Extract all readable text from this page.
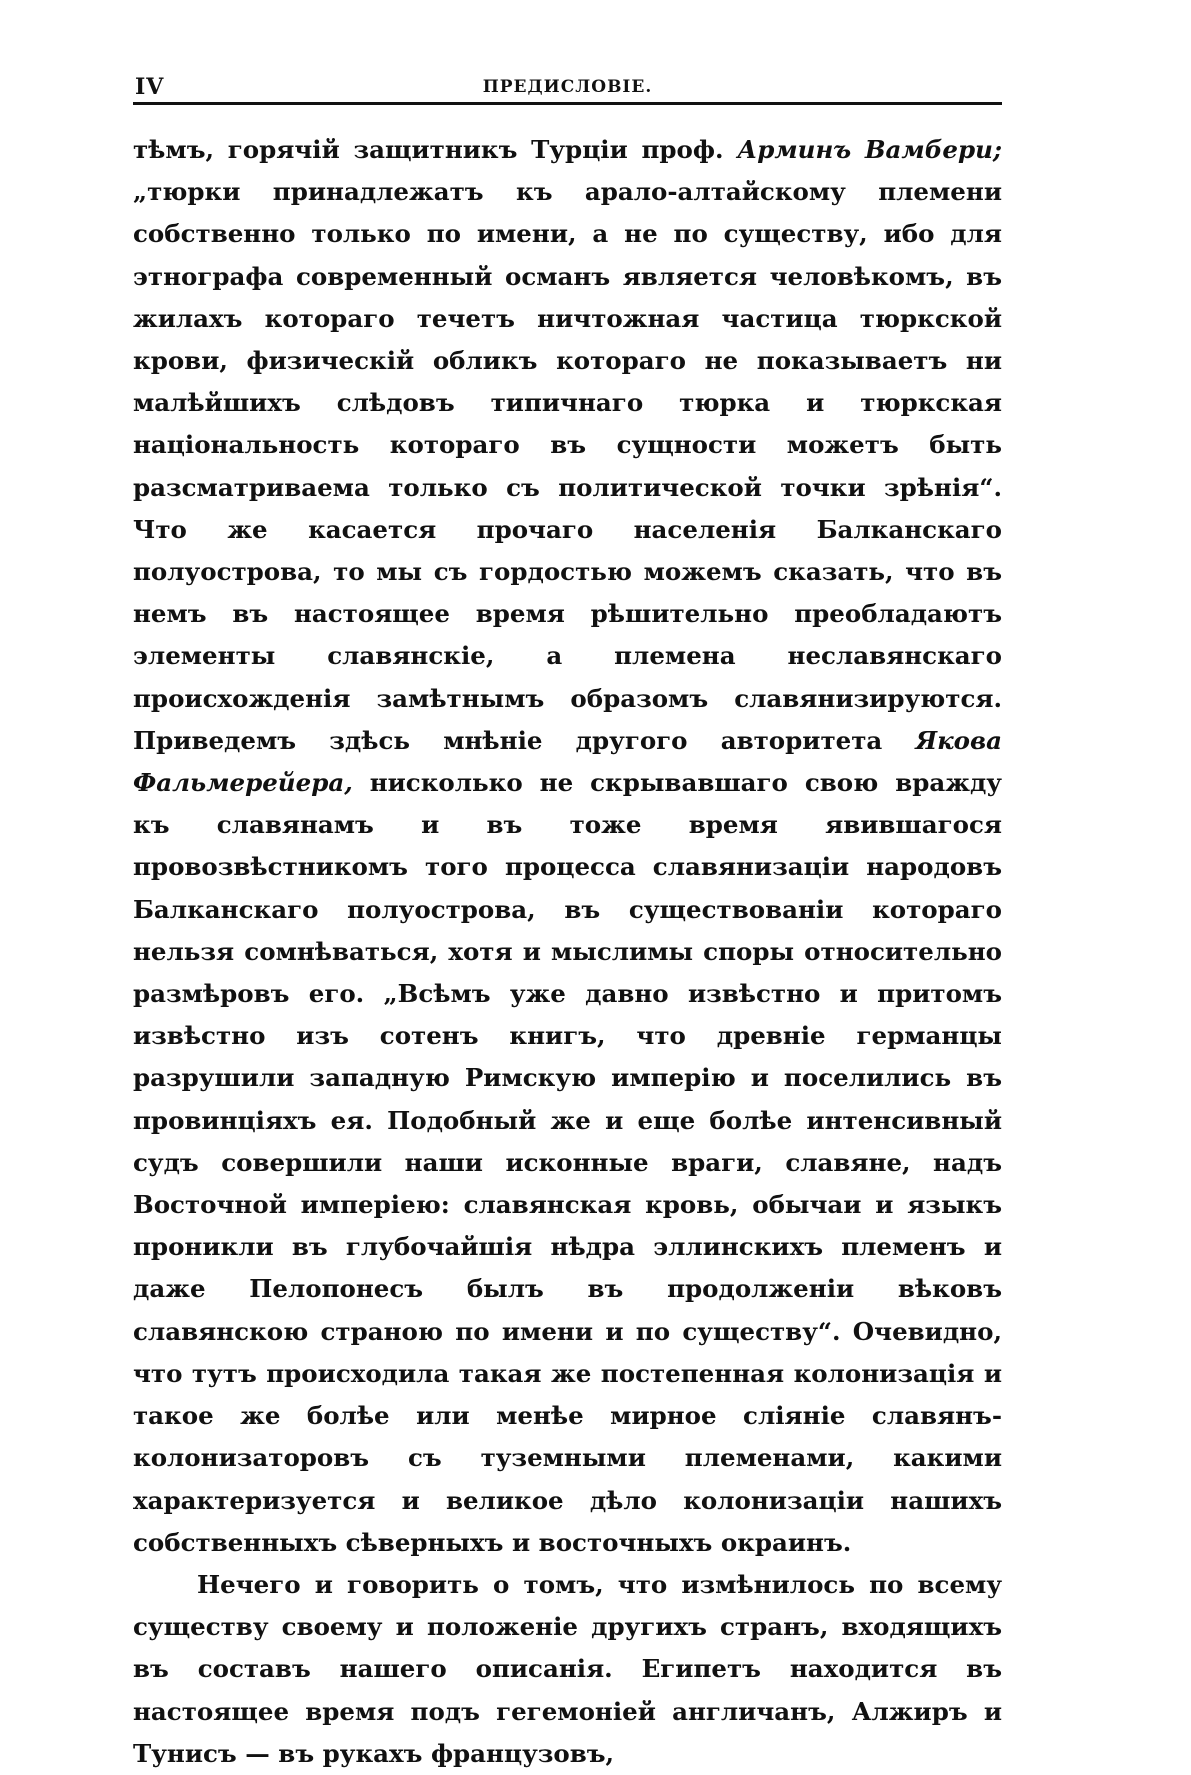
IV	ПРЕДИСЛОВІЕ.

тѣмъ, горячій защитникъ Турціи проф. Арминъ Вамбери; „тюрки принадлежатъ къ арало-алтайскому племени собственно только по имени, а не по существу, ибо для этнографа современный османъ является человѣкомъ, въ жилахъ котораго течетъ ничтожная частица тюркской крови, физическій обликъ котораго не показываетъ ни малѣйшихъ слѣдовъ типичнаго тюрка и тюркская національность котораго въ сущности можетъ быть разсматриваема только съ политической точки зрѣнія“. Что же касается прочаго населенія Балканскаго полуострова, то мы съ гордостью можемъ сказать, что въ немъ въ настоящее время рѣшительно преобладаютъ элементы славянскіе, а племена неславянскаго происхожденія замѣтнымъ образомъ славянизируются. Приведемъ здѣсь мнѣніе другого авторитета Якова Фальмерейера, нисколько не скрывавшаго свою вражду къ славянамъ и въ тоже время явившагося провозвѣстникомъ того процесса славянизаціи народовъ Балканскаго полуострова, въ существованіи котораго нельзя сомнѣваться, хотя и мыслимы споры относительно размѣровъ его. „Всѣмъ уже давно извѣстно и притомъ извѣстно изъ сотенъ книгъ, что древніе германцы разрушили западную Римскую имперію и поселились въ провинціяхъ ея. Подобный же и еще болѣе интенсивный судъ совершили наши исконные враги, славяне, надъ Восточной имперіею: славянская кровь, обычаи и языкъ проникли въ глубочайшія нѣдра эллинскихъ племенъ и даже Пелопонесъ былъ въ продолженіи вѣковъ славянскою страною по имени и по существу“. Очевидно, что тутъ происходила такая же постепенная колонизація и такое же болѣе или менѣе мирное сліяніе славянъ-колонизаторовъ съ туземными племенами, какими характеризуется и великое дѣло колонизаціи нашихъ собственныхъ сѣверныхъ и восточныхъ окраинъ.

Нечего и говорить о томъ, что измѣнилось по всему существу своему и положеніе другихъ странъ, входящихъ въ составъ нашего описанія. Египетъ находится въ настоящее время подъ гегемоніей англичанъ, Алжиръ и Тунисъ — въ рукахъ французовъ,
